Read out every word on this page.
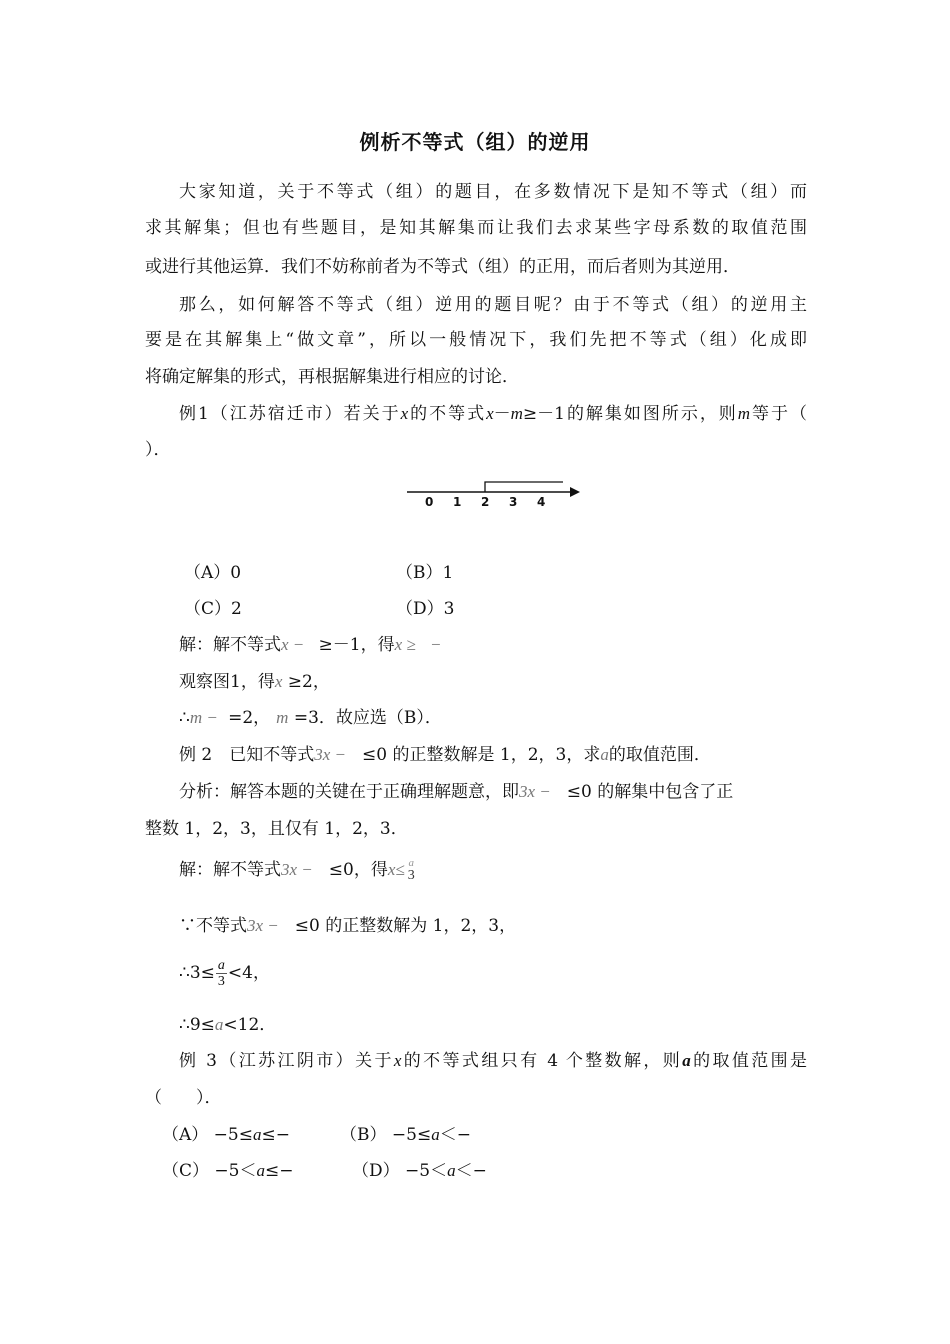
例析不等式（组）的逆用
大家知道，关于不等式（组）的题目，在多数情况下是知不等式（组）而
求其解集；但也有些题目，是知其解集而让我们去求某些字母系数的取值范围
或进行其他运算．我们不妨称前者为不等式（组）的正用，而后者则为其逆用．
那么，如何解答不等式（组）逆用的题目呢？由于不等式（组）的逆用主
要是在其解集上“做文章”，所以一般情况下，我们先把不等式（组）化成即
将确定解集的形式，再根据解集进行相应的讨论．
例1（江苏宿迁市）若关于x的不等式x－m≥－1的解集如图所示，则m等于（
）．
0 1 2 3 4
（A）0	（B）1
（C）2	（D）3
解：解不等式x − ≥－1，得x ≥ −
观察图1，得x ≥2，
∴m − =2， m =3．故应选（B）．
例 2　已知不等式3x − ≤0 的正整数解是 1，2，3，求a的取值范围．
分析：解答本题的关键在于正确理解题意，即3x − ≤0 的解集中包含了正
整数 1，2，3，且仅有 1，2，3．
解：解不等式3x − ≤0，得x≤ a
3
∵不等式3x − ≤0 的正整数解为 1，2，3，
∴3≤ $\frac{a}{3} <4$，
∴9≤a<12．
例 3（江苏江阴市）关于x的不等式组只有 4 个整数解，则a的取值范围是
（　　）．
（A） −5≤a≤−	（B） −5≤a＜−
（C） −5＜a≤−	（D） −5＜a＜−
